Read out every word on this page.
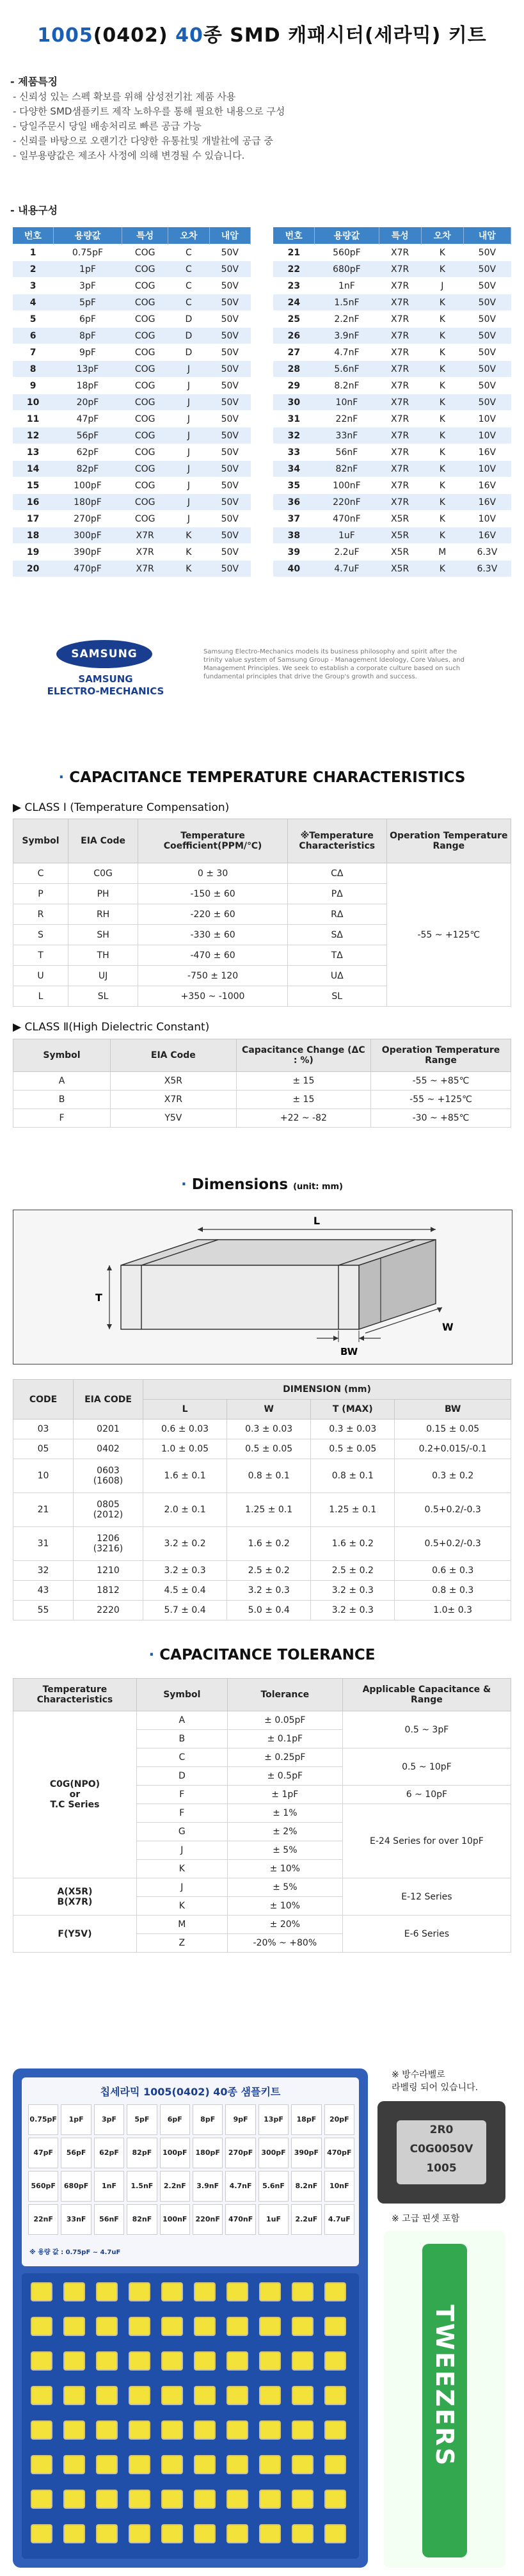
1005(0402) 40종 SMD 캐패시터(세라믹) 키트
- 제품특징
- 신뢰성 있는 스펙 확보를 위해 삼성전기社 제품 사용
- 다양한 SMD샘플키트 제작 노하우를 통해 필요한 내용으로 구성
- 당일주문시 당일 배송처리로 빠른 공급 가능
- 신뢰를 바탕으로 오랜기간 다양한 유통社및 개발社에 공급 중
- 일부용량값은 제조사 사정에 의해 변경될 수 있습니다.
- 내용구성
번호	용량값	특성	오차	내압
1	0.75pF	COG	C	50V
2	1pF	COG	C	50V
3	3pF	COG	C	50V
4	5pF	COG	C	50V
5	6pF	COG	D	50V
6	8pF	COG	D	50V
7	9pF	COG	D	50V
8	13pF	COG	J	50V
9	18pF	COG	J	50V
10	20pF	COG	J	50V
11	47pF	COG	J	50V
12	56pF	COG	J	50V
13	62pF	COG	J	50V
14	82pF	COG	J	50V
15	100pF	COG	J	50V
16	180pF	COG	J	50V
17	270pF	COG	J	50V
18	300pF	X7R	K	50V
19	390pF	X7R	K	50V
20	470pF	X7R	K	50V
번호	용량값	특성	오차	내압
21	560pF	X7R	K	50V
22	680pF	X7R	K	50V
23	1nF	X7R	J	50V
24	1.5nF	X7R	K	50V
25	2.2nF	X7R	K	50V
26	3.9nF	X7R	K	50V
27	4.7nF	X7R	K	50V
28	5.6nF	X7R	K	50V
29	8.2nF	X7R	K	50V
30	10nF	X7R	K	50V
31	22nF	X7R	K	10V
32	33nF	X7R	K	10V
33	56nF	X7R	K	16V
34	82nF	X7R	K	10V
35	100nF	X7R	K	16V
36	220nF	X7R	K	16V
37	470nF	X5R	K	10V
38	1uF	X5R	K	16V
39	2.2uF	X5R	M	6.3V
40	4.7uF	X5R	K	6.3V
SAMSUNG
SAMSUNG
ELECTRO-MECHANICS
Samsung Electro-Mechanics models its business philosophy and spirit after the trinity value system of Samsung Group - Management Ideology, Core Values, and Management Principles. We seek to establish a corporate culture based on such fundamental principles that drive the Group's growth and success.
· CAPACITANCE TEMPERATURE CHARACTERISTICS
▶ CLASS Ⅰ (Temperature Compensation)
Symbol	EIA Code	Temperature Coefficient(PPM/℃)	※Temperature Characteristics	Operation Temperature Range
C	C0G	0 ± 30	CΔ	-55 ~ +125℃
P	PH	-150 ± 60	PΔ	
R	RH	-220 ± 60	RΔ	
S	SH	-330 ± 60	SΔ	
T	TH	-470 ± 60	TΔ	
U	UJ	-750 ± 120	UΔ	
L	SL	+350 ~ -1000	SL	
▶ CLASS Ⅱ(High Dielectric Constant)
Symbol	EIA Code	Capacitance Change (ΔC : %)	Operation Temperature Range
A	X5R	± 15	-55 ~ +85℃
B	X7R	± 15	-55 ~ +125℃
F	Y5V	+22 ~ -82	-30 ~ +85℃
· Dimensions (unit: mm)
L
T
W
BW
CODE	EIA CODE	DIMENSION (mm)			
		L	W	T (MAX)	BW
03	0201	0.6 ± 0.03	0.3 ± 0.03	0.3 ± 0.03	0.15 ± 0.05
05	0402	1.0 ± 0.05	0.5 ± 0.05	0.5 ± 0.05	0.2+0.015/-0.1
10	0603
(1608)	1.6 ± 0.1	0.8 ± 0.1	0.8 ± 0.1	0.3 ± 0.2
21	0805
(2012)	2.0 ± 0.1	1.25 ± 0.1	1.25 ± 0.1	0.5+0.2/-0.3
31	1206
(3216)	3.2 ± 0.2	1.6 ± 0.2	1.6 ± 0.2	0.5+0.2/-0.3
32	1210	3.2 ± 0.3	2.5 ± 0.2	2.5 ± 0.2	0.6 ± 0.3
43	1812	4.5 ± 0.4	3.2 ± 0.3	3.2 ± 0.3	0.8 ± 0.3
55	2220	5.7 ± 0.4	5.0 ± 0.4	3.2 ± 0.3	1.0± 0.3
· CAPACITANCE TOLERANCE
Temperature Characteristics	Symbol	Tolerance	Applicable Capacitance & Range
C0G(NPO)
or
T.C Series	A	± 0.05pF	0.5 ~ 3pF
	B	± 0.1pF	
	C	± 0.25pF	0.5 ~ 10pF
	D	± 0.5pF	
	F	± 1pF	6 ~ 10pF
	F	± 1%	E-24 Series for over 10pF
	G	± 2%	
	J	± 5%	
	K	± 10%	
A(X5R)
B(X7R)	J	± 5%	E-12 Series
	K	± 10%	
F(Y5V)	M	± 20%	E-6 Series
	Z	-20% ~ +80%	
칩세라믹 1005(0402) 40종 샘플키트
0.75pF	1pF	3pF	5pF	6pF	8pF	9pF	13pF	18pF	20pF
47pF	56pF	62pF	82pF	100pF	180pF	270pF	300pF	390pF	470pF
560pF	680pF	1nF	1.5nF	2.2nF	3.9nF	4.7nF	5.6nF	8.2nF	10nF
22nF	33nF	56nF	82nF	100nF	220nF	470nF	1uF	2.2uF	4.7uF
※ 용량 값 : 0.75pF ~ 4.7uF
※ 방수라벨로
라벨링 되어 있습니다.
2R0
C0G0050V
1005
※ 고급 핀셋 포함
TWEEZERS
